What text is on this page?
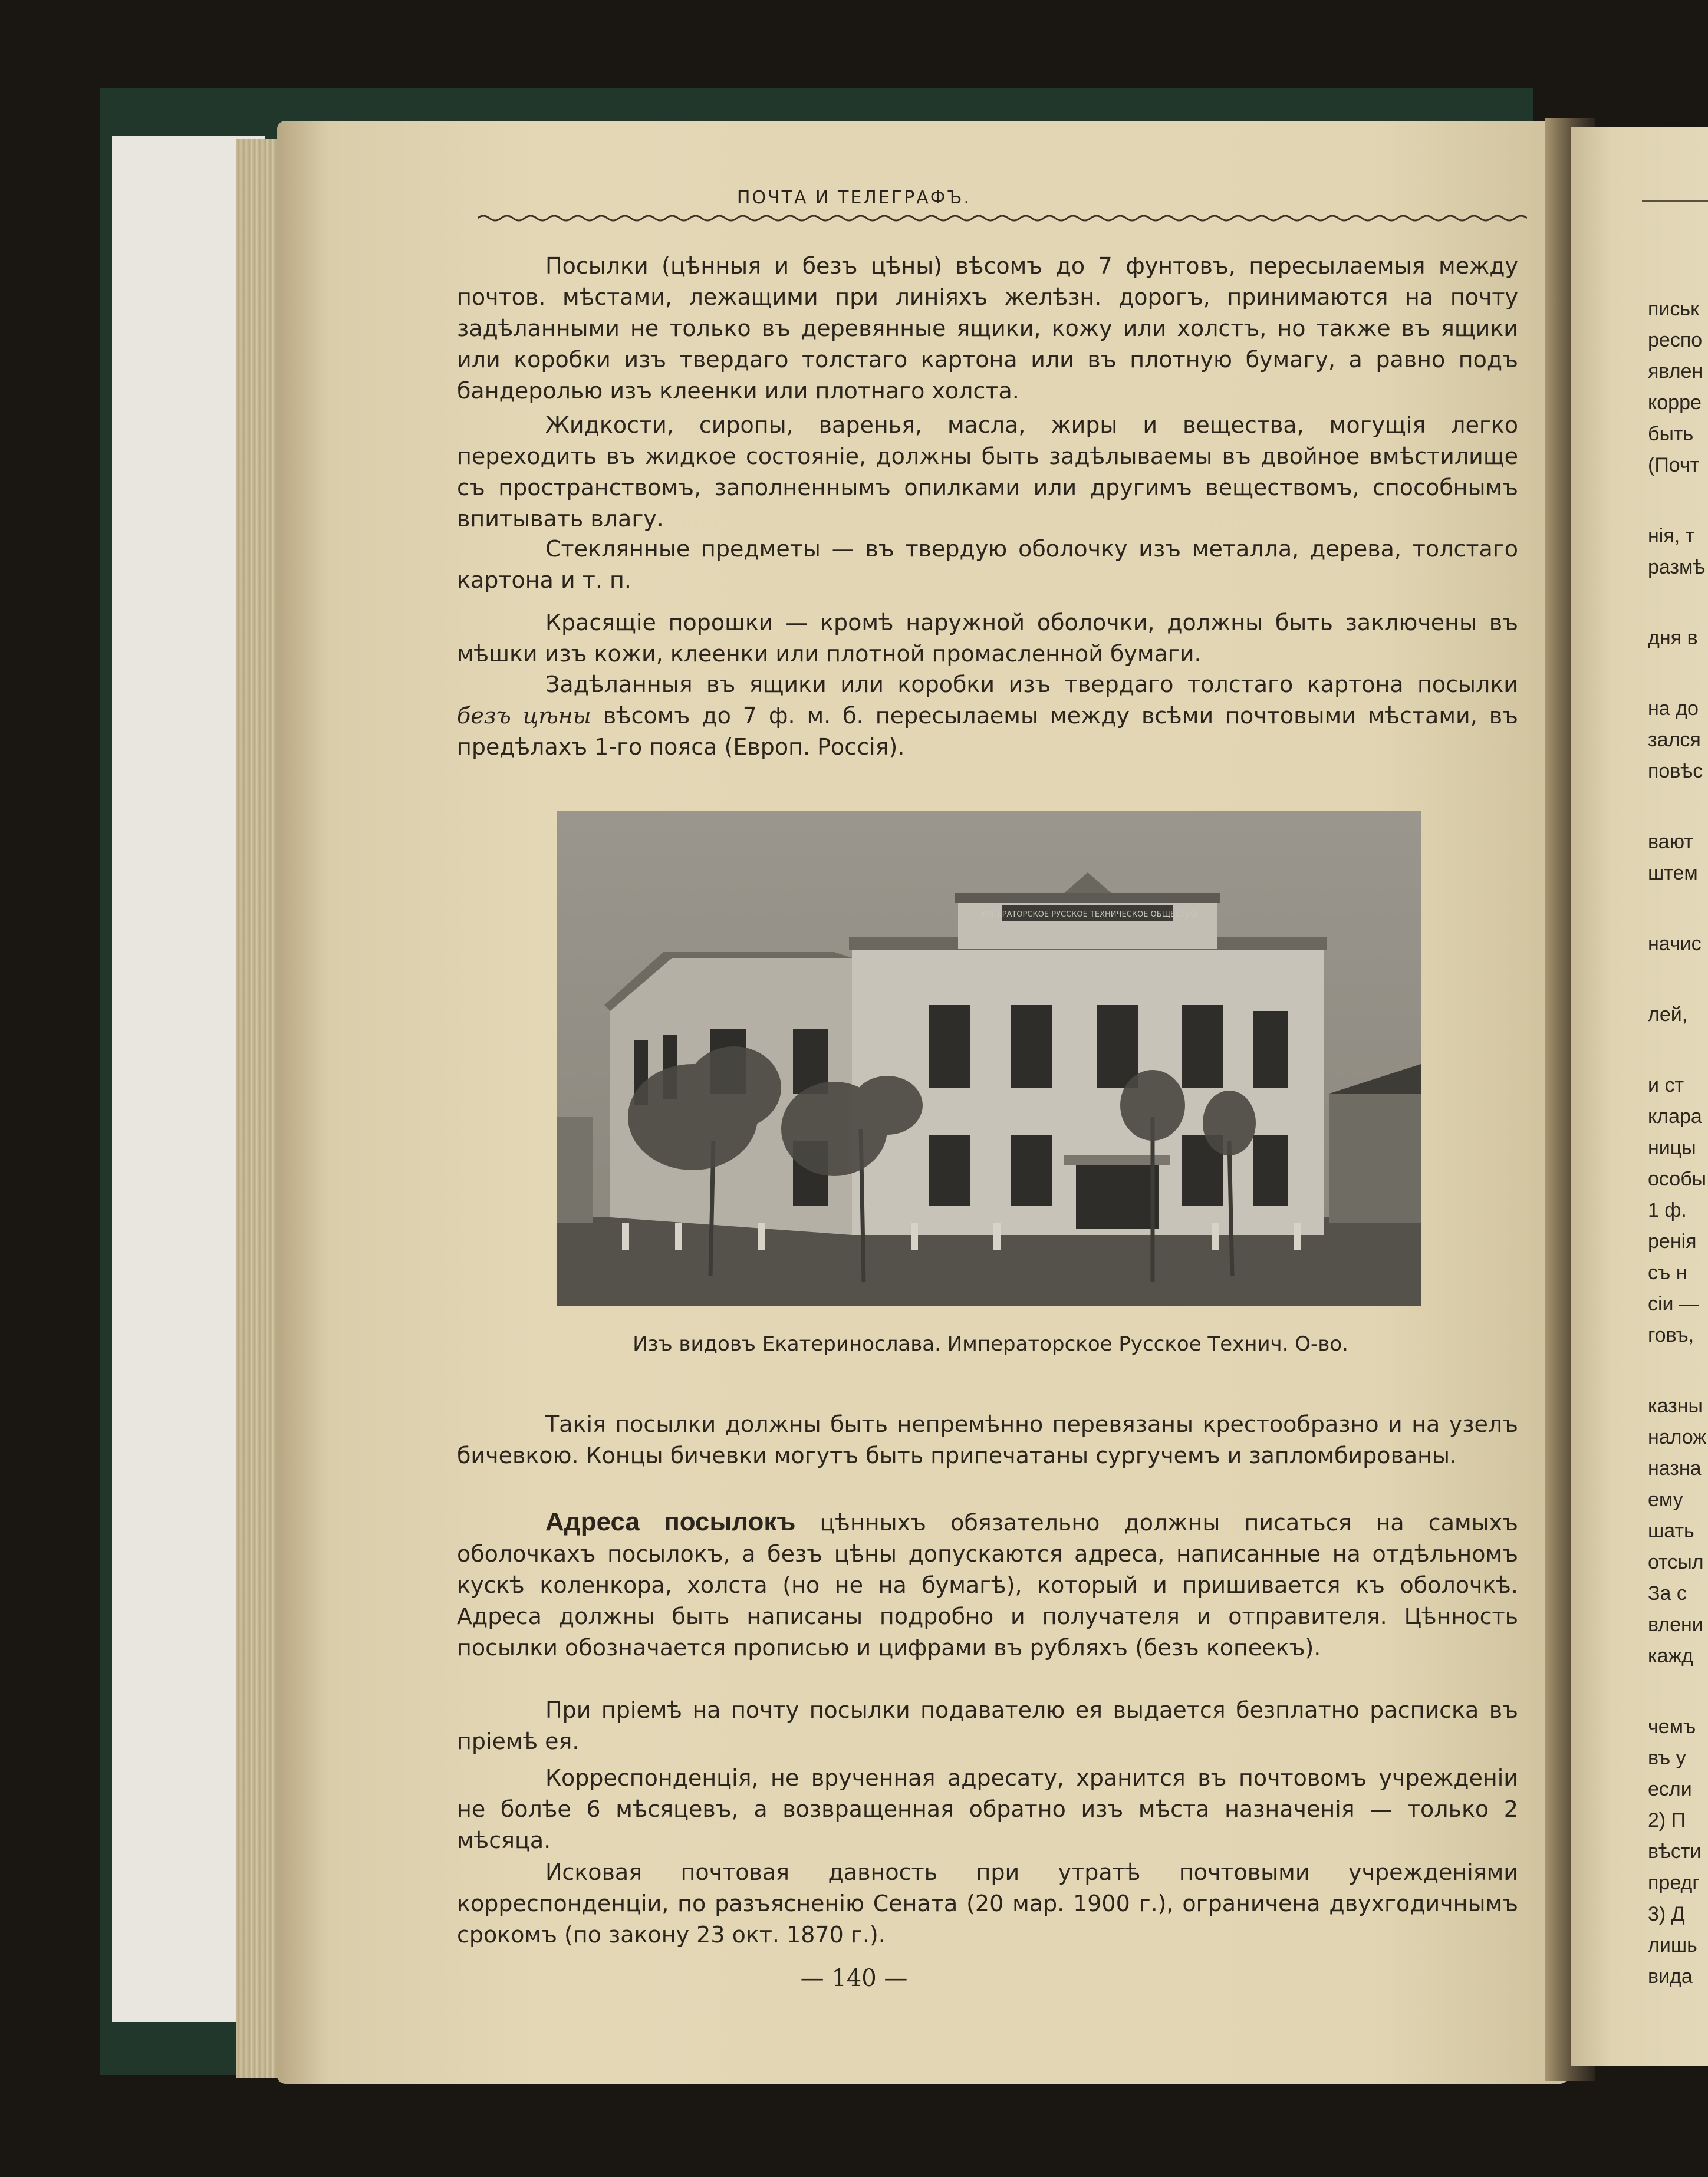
письк
респо
явлен
корре
быть
(Почт
нія, т
размѣ
дня в
на до
зался
повѣс
вают
штем
начис
лей,
и ст
клара
ницы
особы
1 ф.
ренія
съ н
сіи —
говъ,
казны
налож
назна
ему
шать
отсыл
За с
влени
кажд
чемъ
въ у
если
2) П
вѣсти
предг
3) Д
лишь
вида
ПОЧТА И ТЕЛЕГРАФЪ.

Посылки (цѣнныя и безъ цѣны) вѣсомъ до 7 фунтовъ, пересылаемыя между почтов. мѣстами, лежащими при линіяхъ желѣзн. дорогъ, принимаются на почту задѣланными не только въ деревянные ящики, кожу или холстъ, но также въ ящики или коробки изъ твердаго толстаго картона или въ плотную бумагу, а равно подъ бандеролью изъ клеенки или плотнаго холста.

Жидкости, сиропы, варенья, масла, жиры и вещества, могущія легко переходить въ жидкое состояніе, должны быть задѣлываемы въ двойное вмѣстилище съ пространствомъ, заполненнымъ опилками или другимъ веществомъ, способнымъ впитывать влагу.

Стеклянные предметы — въ твердую оболочку изъ металла, дерева, толстаго картона и т. п.

Красящіе порошки — кромѣ наружной оболочки, должны быть заключены въ мѣшки изъ кожи, клеенки или плотной промасленной бумаги.

Задѣланныя въ ящики или коробки изъ твердаго толстаго картона посылки безъ цѣны вѣсомъ до 7 ф. м. б. пересылаемы между всѣми почтовыми мѣстами, въ предѣлахъ 1-го пояса (Европ. Россія).

ИМПЕРАТОРСКОЕ РУССКОЕ ТЕХНИЧЕСКОЕ ОБЩЕСТВО
Изъ видовъ Екатеринослава. Императорское Русское Технич. О-во.

Такія посылки должны быть непремѣнно перевязаны крестообразно и на узелъ бичевкою. Концы бичевки могутъ быть припечатаны сургучемъ и запломбированы.

Адреса посылокъ цѣнныхъ обязательно должны писаться на самыхъ оболочкахъ посылокъ, а безъ цѣны допускаются адреса, написанные на отдѣльномъ кускѣ коленкора, холста (но не на бумагѣ), который и пришивается къ оболочкѣ. Адреса должны быть написаны подробно и получателя и отправителя. Цѣнность посылки обозначается прописью и цифрами въ рубляхъ (безъ копеекъ).

При пріемѣ на почту посылки подавателю ея выдается безплатно расписка въ пріемѣ ея.

Корреспонденція, не врученная адресату, хранится въ почтовомъ учрежденіи не болѣе 6 мѣсяцевъ, а возвращенная обратно изъ мѣста назначенія — только 2 мѣсяца.

Исковая почтовая давность при утратѣ почтовыми учрежденіями корреспонденціи, по разъясненію Сената (20 мар. 1900 г.), ограничена двухгодичнымъ срокомъ (по закону 23 окт. 1870 г.).

— 140 —
